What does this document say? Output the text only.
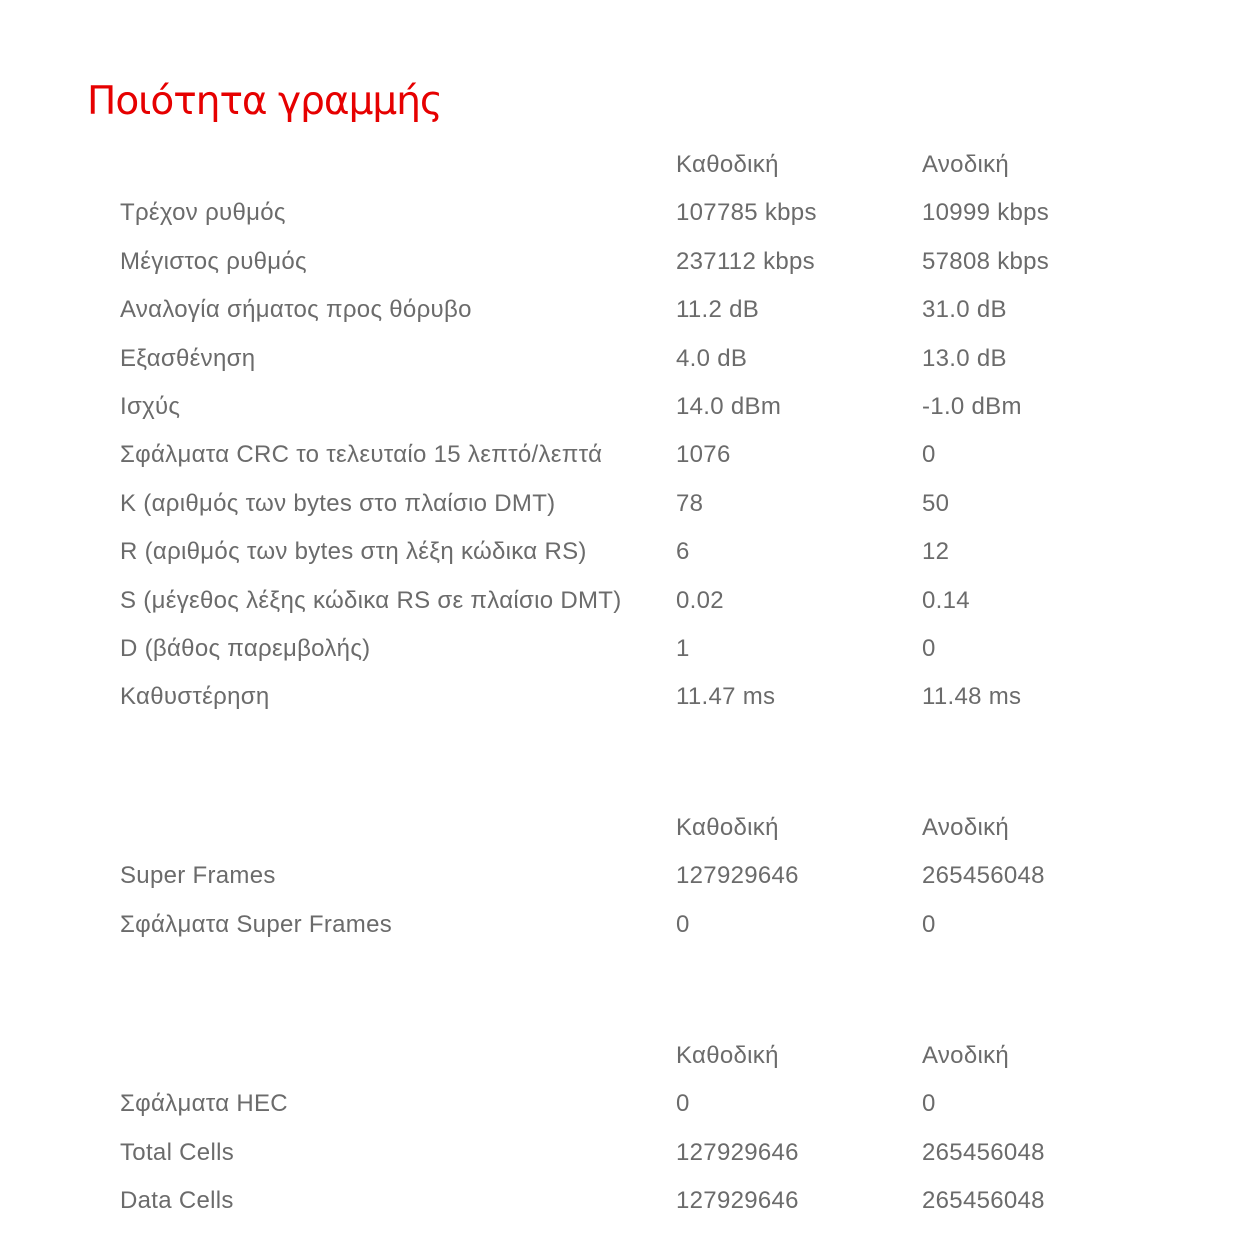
Ποιότητα γραμμής
Καθοδική	Ανοδική
Τρέχον ρυθμός	107785 kbps	10999 kbps
Μέγιστος ρυθμός	237112 kbps	57808 kbps
Αναλογία σήματος προς θόρυβο	11.2 dB	31.0 dB
Εξασθένηση	4.0 dB	13.0 dB
Ισχύς	14.0 dBm	-1.0 dBm
Σφάλματα CRC το τελευταίο 15 λεπτό/λεπτά	1076	0
K (αριθμός των bytes στο πλαίσιο DMT)	78	50
R (αριθμός των bytes στη λέξη κώδικα RS)	6	12
S (μέγεθος λέξης κώδικα RS σε πλαίσιο DMT) 0.02	0.14
D (βάθος παρεμβολής)	1	0
Καθυστέρηση	11.47 ms	11.48 ms
Καθοδική	Ανοδική
Super Frames	127929646	265456048
Σφάλματα Super Frames	0	0
Καθοδική	Ανοδική
Σφάλματα HEC	0	0
Total Cells	127929646	265456048
Data Cells	127929646	265456048
